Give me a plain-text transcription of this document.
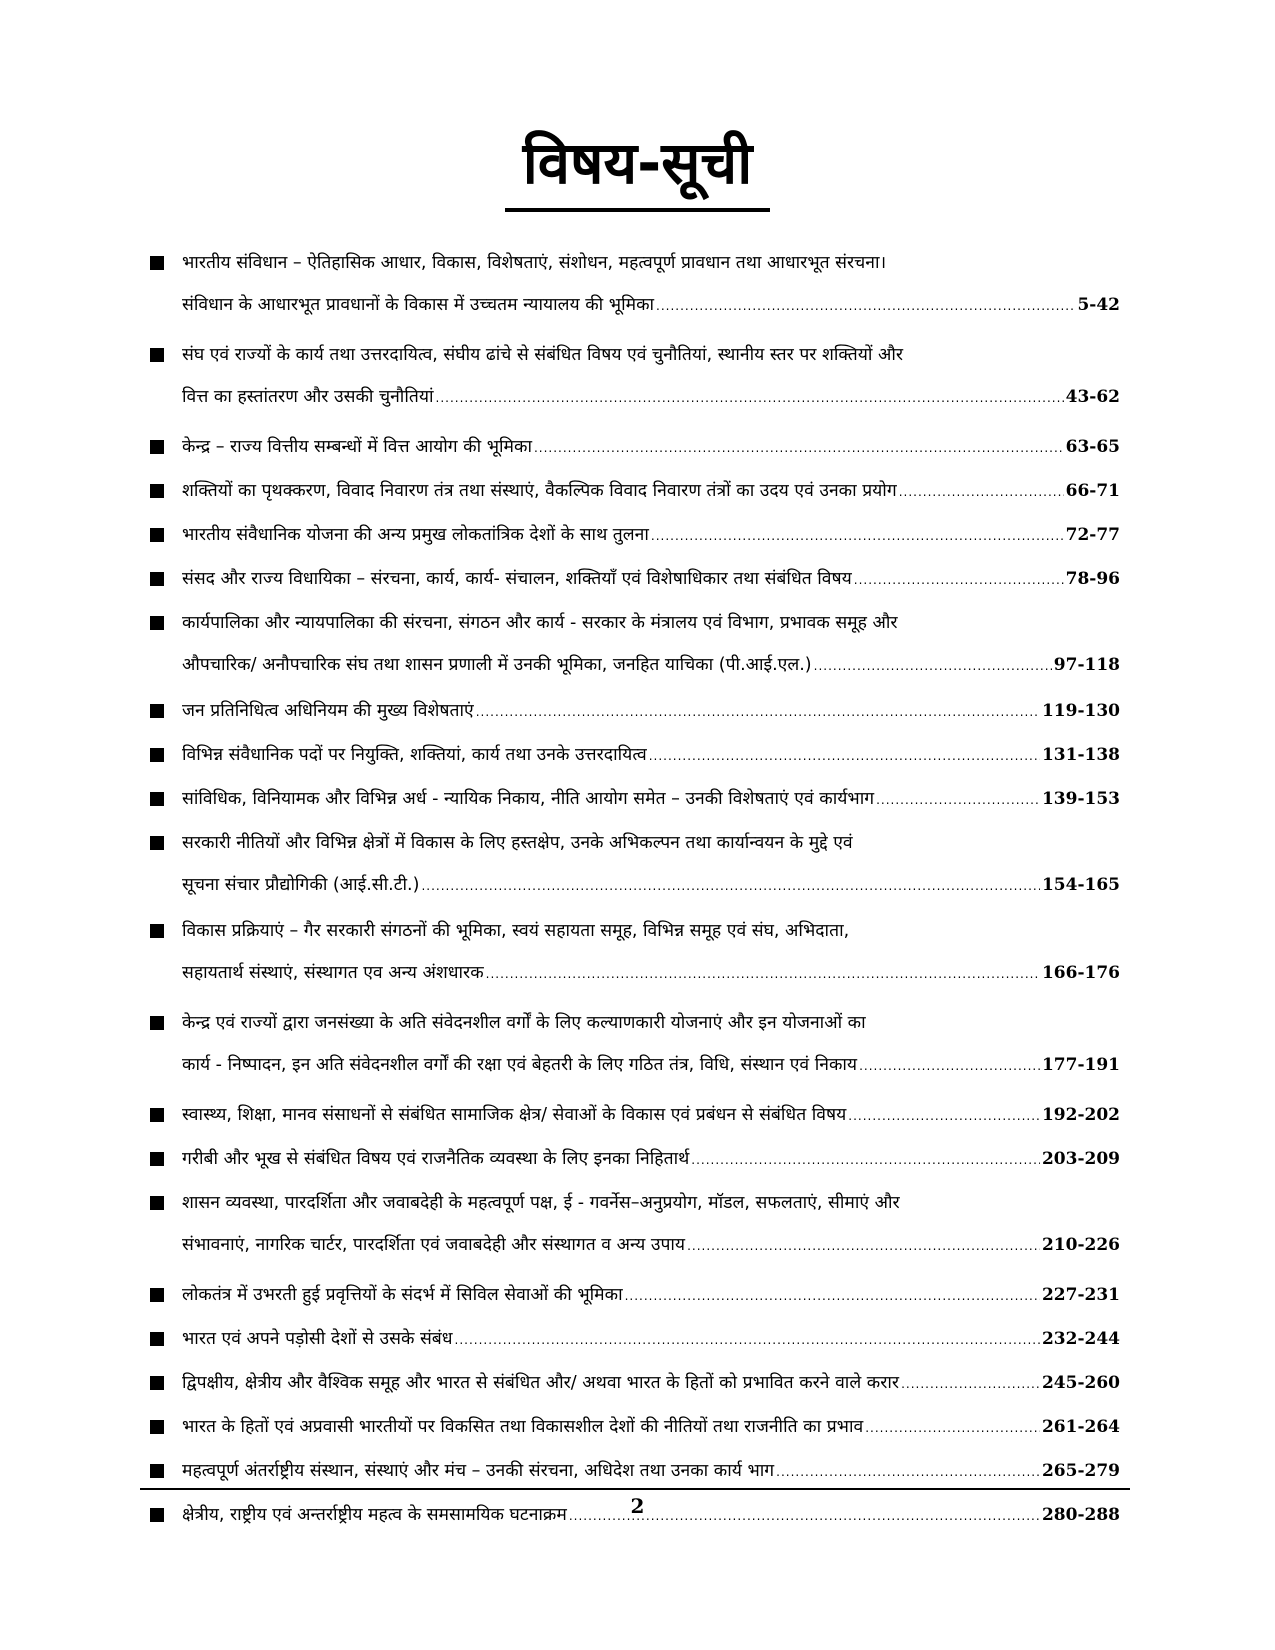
विषय-सूची
भारतीय संविधान – ऐतिहासिक आधार, विकास, विशेषताएं, संशोधन, महत्वपूर्ण प्रावधान तथा आधारभूत संरचना।
संविधान के आधारभूत प्रावधानों के विकास में उच्चतम न्यायालय की भूमिका .....	5-42
संघ एवं राज्यों के कार्य तथा उत्तरदायित्व, संघीय ढांचे से संबंधित विषय एवं चुनौतियां, स्थानीय स्तर पर शक्तियों और
वित्त का हस्तांतरण और उसकी चुनौतियां .....	43-62
केन्द्र – राज्य वित्तीय सम्बन्धों में वित्त आयोग की भूमिका .....	63-65
शक्तियों का पृथक्करण, विवाद निवारण तंत्र तथा संस्थाएं, वैकल्पिक विवाद निवारण तंत्रों का उदय एवं उनका प्रयोग .....	66-71
भारतीय संवैधानिक योजना की अन्य प्रमुख लोकतांत्रिक देशों के साथ तुलना .....	72-77
संसद और राज्य विधायिका – संरचना, कार्य, कार्य- संचालन, शक्तियाँ एवं विशेषाधिकार तथा संबंधित विषय .....	78-96
कार्यपालिका और न्यायपालिका की संरचना, संगठन और कार्य - सरकार के मंत्रालय एवं विभाग, प्रभावक समूह और
औपचारिक/ अनौपचारिक संघ तथा शासन प्रणाली में उनकी भूमिका, जनहित याचिका (पी.आई.एल.) .....	97-118
जन प्रतिनिधित्व अधिनियम की मुख्य विशेषताएं .....	119-130
विभिन्न संवैधानिक पदों पर नियुक्ति, शक्तियां, कार्य तथा उनके उत्तरदायित्व .....	131-138
सांविधिक, विनियामक और विभिन्न अर्ध - न्यायिक निकाय, नीति आयोग समेत – उनकी विशेषताएं एवं कार्यभाग .....	139-153
सरकारी नीतियों और विभिन्न क्षेत्रों में विकास के लिए हस्तक्षेप, उनके अभिकल्पन तथा कार्यान्वयन के मुद्दे एवं
सूचना संचार प्रौद्योगिकी (आई.सी.टी.) .....	154-165
विकास प्रक्रियाएं – गैर सरकारी संगठनों की भूमिका, स्वयं सहायता समूह, विभिन्न समूह एवं संघ, अभिदाता,
सहायतार्थ संस्थाएं, संस्थागत एव अन्य अंशधारक .....	166-176
केन्द्र एवं राज्यों द्वारा जनसंख्या के अति संवेदनशील वर्गों के लिए कल्याणकारी योजनाएं और इन योजनाओं का
कार्य - निष्पादन, इन अति संवेदनशील वर्गों की रक्षा एवं बेहतरी के लिए गठित तंत्र, विधि, संस्थान एवं निकाय .....	177-191
स्वास्थ्य, शिक्षा, मानव संसाधनों से संबंधित सामाजिक क्षेत्र/ सेवाओं के विकास एवं प्रबंधन से संबंधित विषय .....	192-202
गरीबी और भूख से संबंधित विषय एवं राजनैतिक व्यवस्था के लिए इनका निहितार्थ .....	203-209
शासन व्यवस्था, पारदर्शिता और जवाबदेही के महत्वपूर्ण पक्ष, ई - गवर्नेस–अनुप्रयोग, मॉडल, सफलताएं, सीमाएं और
संभावनाएं, नागरिक चार्टर, पारदर्शिता एवं जवाबदेही और संस्थागत व अन्य उपाय .....	210-226
लोकतंत्र में उभरती हुई प्रवृत्तियों के संदर्भ में सिविल सेवाओं की भूमिका .....	227-231
भारत एवं अपने पड़ोसी देशों से उसके संबंध .....	232-244
द्विपक्षीय, क्षेत्रीय और वैश्विक समूह और भारत से संबंधित और/ अथवा भारत के हितों को प्रभावित करने वाले करार .....	245-260
भारत के हितों एवं अप्रवासी भारतीयों पर विकसित तथा विकासशील देशों की नीतियों तथा राजनीति का प्रभाव .....	261-264
महत्वपूर्ण अंतर्राष्ट्रीय संस्थान, संस्थाएं और मंच – उनकी संरचना, अधिदेश तथा उनका कार्य भाग .....	265-279
क्षेत्रीय, राष्ट्रीय एवं अन्तर्राष्ट्रीय महत्व के समसामयिक घटनाक्रम .....	280-288
2
